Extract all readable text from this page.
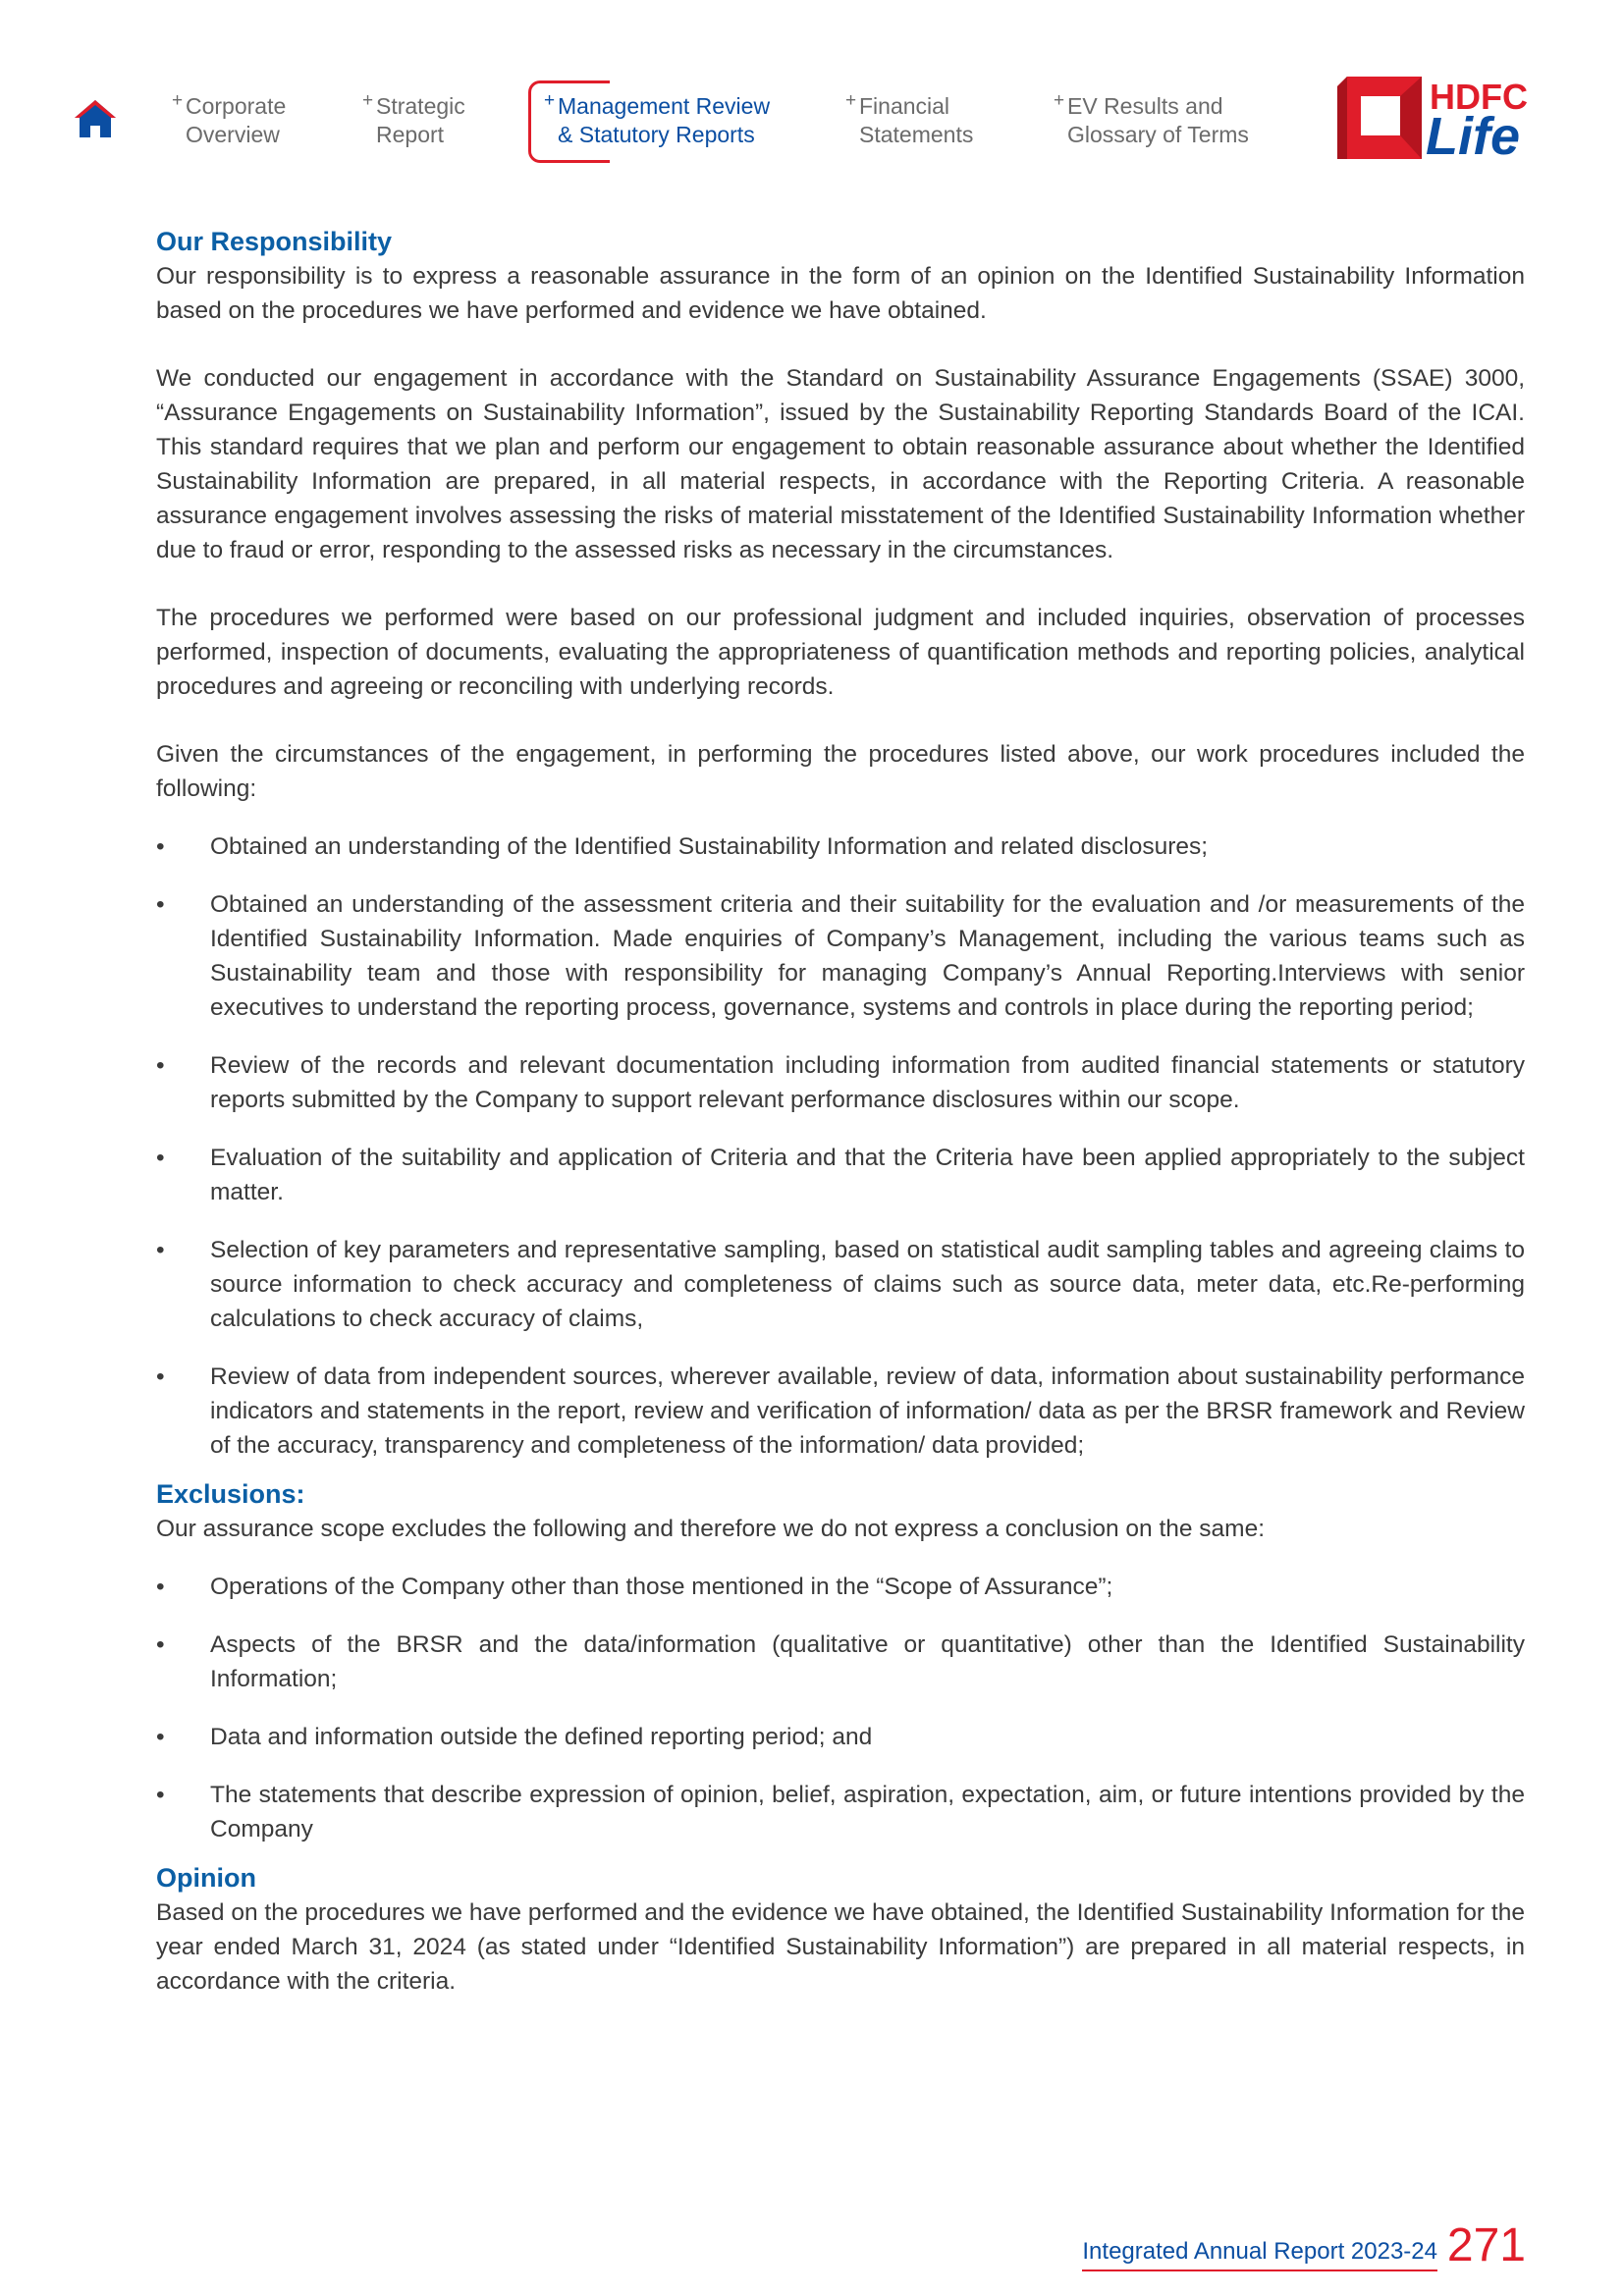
+ Corporate
Overview
+ Strategic
Report
+ Management Review
& Statutory Reports
+ Financial
Statements
+ EV Results and
Glossary of Terms
HDFC
Life
Our Responsibility

Our responsibility is to express a reasonable assurance in the form of an opinion on the Identified Sustainability Information based on the procedures we have performed and evidence we have obtained.

We conducted our engagement in accordance with the Standard on Sustainability Assurance Engagements (SSAE) 3000, “Assurance Engagements on Sustainability Information”, issued by the Sustainability Reporting Standards Board of the ICAI. This standard requires that we plan and perform our engagement to obtain reasonable assurance about whether the Identified Sustainability Information are prepared, in all material respects, in accordance with the Reporting Criteria. A reasonable assurance engagement involves assessing the risks of material misstatement of the Identified Sustainability Information whether due to fraud or error, responding to the assessed risks as necessary in the circumstances.

The procedures we performed were based on our professional judgment and included inquiries, observation of processes performed, inspection of documents, evaluating the appropriateness of quantification methods and reporting policies, analytical procedures and agreeing or reconciling with underlying records.

Given the circumstances of the engagement, in performing the procedures listed above, our work procedures included the following:

• Obtained an understanding of the Identified Sustainability Information and related disclosures;
• Obtained an understanding of the assessment criteria and their suitability for the evaluation and /or measurements of the Identified Sustainability Information. Made enquiries of Company’s Management, including the various teams such as Sustainability team and those with responsibility for managing Company’s Annual Reporting.Interviews with senior executives to understand the reporting process, governance, systems and controls in place during the reporting period;
• Review of the records and relevant documentation including information from audited financial statements or statutory reports submitted by the Company to support relevant performance disclosures within our scope.
• Evaluation of the suitability and application of Criteria and that the Criteria have been applied appropriately to the subject matter.
• Selection of key parameters and representative sampling, based on statistical audit sampling tables and agreeing claims to source information to check accuracy and completeness of claims such as source data, meter data, etc.Re-performing calculations to check accuracy of claims,
• Review of data from independent sources, wherever available, review of data, information about sustainability performance indicators and statements in the report, review and verification of information/ data as per the BRSR framework and Review of the accuracy, transparency and completeness of the information/ data provided;
Exclusions:

Our assurance scope excludes the following and therefore we do not express a conclusion on the same:

• Operations of the Company other than those mentioned in the “Scope of Assurance”;
• Aspects of the BRSR and the data/information (qualitative or quantitative) other than the Identified Sustainability Information;
• Data and information outside the defined reporting period; and
• The statements that describe expression of opinion, belief, aspiration, expectation, aim, or future intentions provided by the Company
Opinion

Based on the procedures we have performed and the evidence we have obtained, the Identified Sustainability Information for the year ended March 31, 2024 (as stated under “Identified Sustainability Information”) are prepared in all material respects, in accordance with the criteria.

Integrated Annual Report 2023-24 271
